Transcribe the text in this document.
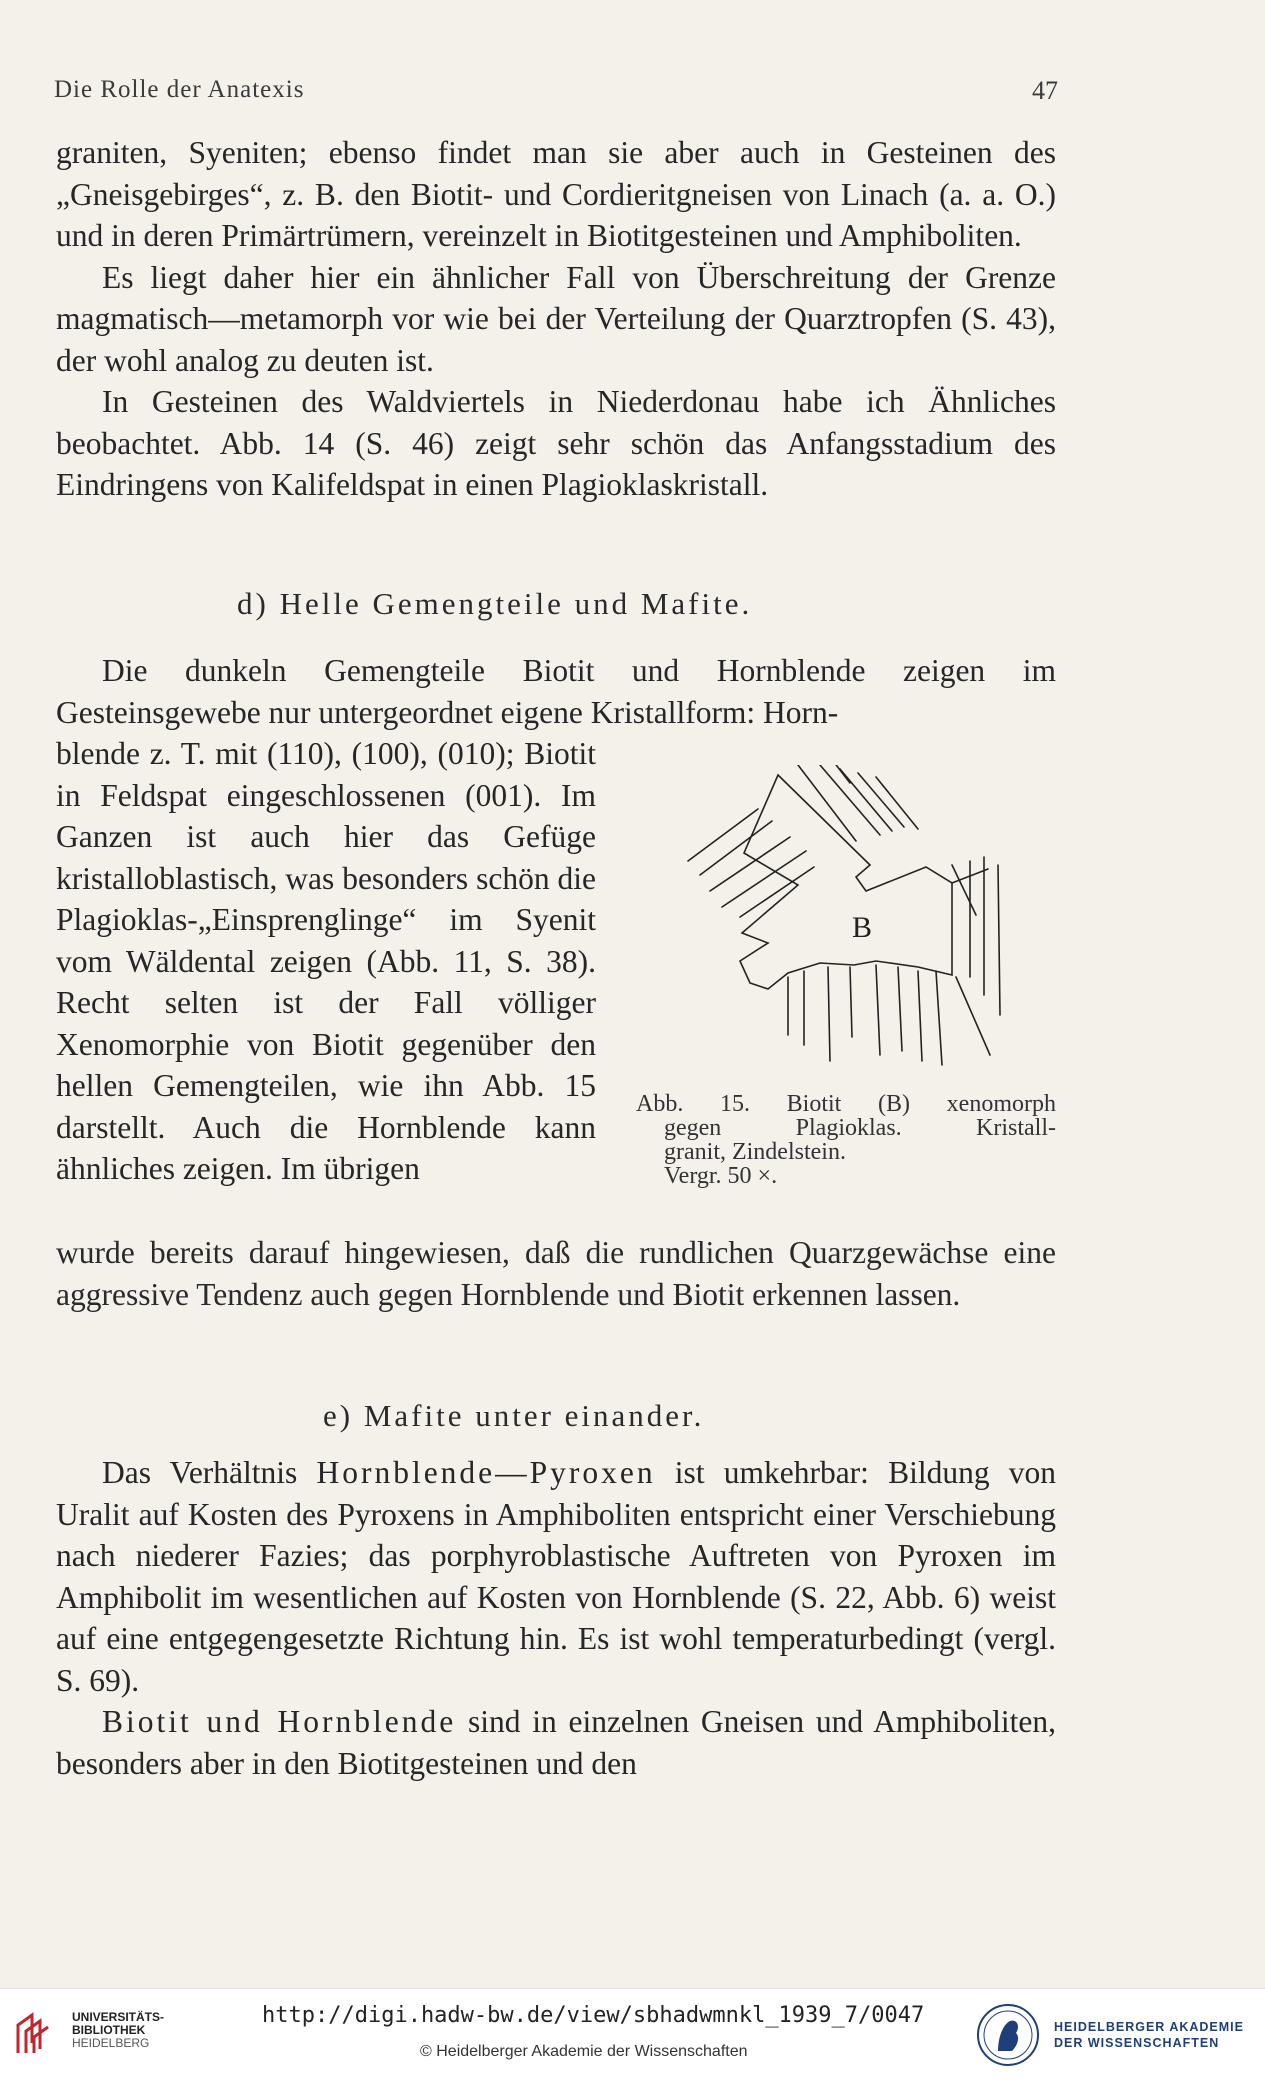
Die Rolle der Anatexis	47

graniten, Syeniten; ebenso findet man sie aber auch in Gesteinen des „Gneisgebirges“, z. B. den Biotit- und Cordieritgneisen von Linach (a. a. O.) und in deren Primärtrümern, vereinzelt in Biotitgesteinen und Amphiboliten.

Es liegt daher hier ein ähnlicher Fall von Überschreitung der Grenze magmatisch—metamorph vor wie bei der Verteilung der Quarztropfen (S. 43), der wohl analog zu deuten ist.

In Gesteinen des Waldviertels in Niederdonau habe ich Ähnliches beobachtet. Abb. 14 (S. 46) zeigt sehr schön das Anfangsstadium des Eindringens von Kalifeldspat in einen Plagioklaskristall.

d) Helle Gemengteile und Mafite.

Die dunkeln Gemengteile Biotit und Hornblende zeigen im Gesteinsgewebe nur untergeordnet eigene Kristallform: Horn-

blende z. T. mit (110), (100), (010); Biotit in Feldspat eingeschlossenen (001). Im Ganzen ist auch hier das Gefüge kristalloblastisch, was besonders schön die Plagioklas-„Einsprenglinge“ im Syenit vom Wäldental zeigen (Abb. 11, S. 38). Recht selten ist der Fall völliger Xenomorphie von Biotit gegenüber den hellen Gemengteilen, wie ihn Abb. 15 darstellt. Auch die Hornblende kann ähnliches zeigen. Im übrigen

wurde bereits darauf hingewiesen, daß die rundlichen Quarzgewächse eine aggressive Tendenz auch gegen Hornblende und Biotit erkennen lassen.
B
Abb. 15. Biotit (B) xenomorph
gegen Plagioklas. Kristall-
granit, Zindelstein.
Vergr. 50 ×.
e) Mafite unter einander.

Das Verhältnis Hornblende—Pyroxen ist umkehrbar: Bildung von Uralit auf Kosten des Pyroxens in Amphiboliten entspricht einer Verschiebung nach niederer Fazies; das porphyroblastische Auftreten von Pyroxen im Amphibolit im wesentlichen auf Kosten von Hornblende (S. 22, Abb. 6) weist auf eine entgegengesetzte Richtung hin. Es ist wohl temperaturbedingt (vergl. S. 69).

Biotit und Hornblende sind in einzelnen Gneisen und Amphiboliten, besonders aber in den Biotitgesteinen und den

UNIVERSITÄTS-
BIBLIOTHEK
HEIDELBERG
http://digi.hadw-bw.de/view/sbhadwmnkl_1939_7/0047
© Heidelberger Akademie der Wissenschaften
HEIDELBERGER AKADEMIE
DER WISSENSCHAFTEN
